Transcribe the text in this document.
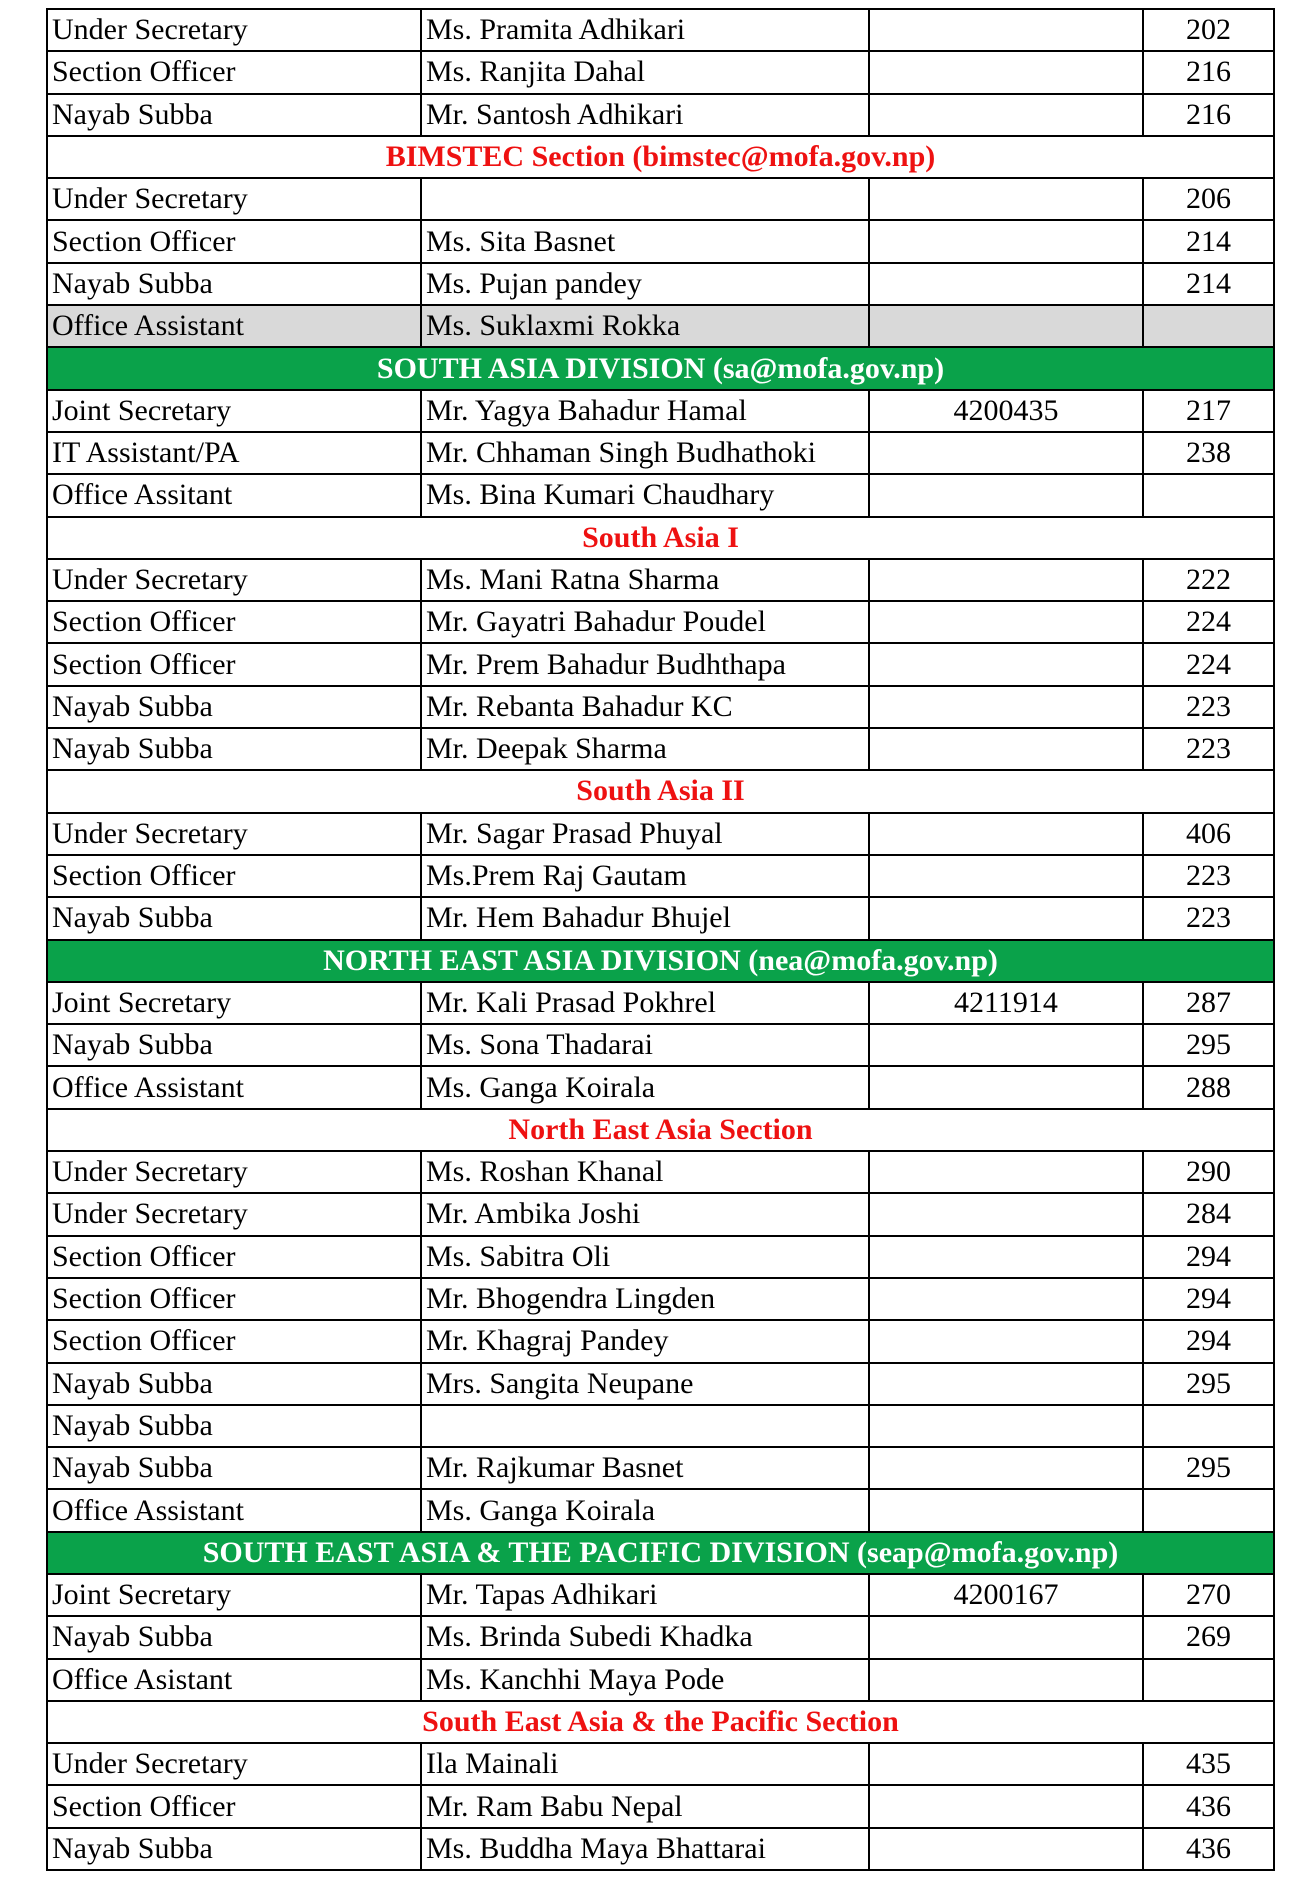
Under Secretary	Ms. Pramita Adhikari		202
Section Officer	Ms. Ranjita Dahal		216
Nayab Subba	Mr. Santosh Adhikari		216
BIMSTEC Section (bimstec@mofa.gov.np)			
Under Secretary			206
Section Officer	Ms. Sita Basnet		214
Nayab Subba	Ms. Pujan pandey		214
Office Assistant	Ms. Suklaxmi Rokka		
SOUTH ASIA DIVISION (sa@mofa.gov.np)			
Joint Secretary	Mr. Yagya Bahadur Hamal	4200435	217
IT Assistant/PA	Mr. Chhaman Singh Budhathoki		238
Office Assitant	Ms. Bina Kumari Chaudhary		
South Asia I			
Under Secretary	Ms. Mani Ratna Sharma		222
Section Officer	Mr. Gayatri Bahadur Poudel		224
Section Officer	Mr. Prem Bahadur Budhthapa		224
Nayab Subba	Mr. Rebanta Bahadur KC		223
Nayab Subba	Mr. Deepak Sharma		223
South Asia II			
Under Secretary	Mr. Sagar Prasad Phuyal		406
Section Officer	Ms.Prem Raj Gautam		223
Nayab Subba	Mr. Hem Bahadur Bhujel		223
NORTH EAST ASIA DIVISION (nea@mofa.gov.np)			
Joint Secretary	Mr. Kali Prasad Pokhrel	4211914	287
Nayab Subba	Ms. Sona Thadarai		295
Office Assistant	Ms. Ganga Koirala		288
North East Asia Section			
Under Secretary	Ms. Roshan Khanal		290
Under Secretary	Mr. Ambika Joshi		284
Section Officer	Ms. Sabitra Oli		294
Section Officer	Mr. Bhogendra Lingden		294
Section Officer	Mr. Khagraj Pandey		294
Nayab Subba	Mrs. Sangita Neupane		295
Nayab Subba			
Nayab Subba	Mr. Rajkumar Basnet		295
Office Assistant	Ms. Ganga Koirala		
SOUTH EAST ASIA & THE PACIFIC DIVISION (seap@mofa.gov.np)			
Joint Secretary	Mr. Tapas Adhikari	4200167	270
Nayab Subba	Ms. Brinda Subedi Khadka		269
Office Asistant	Ms. Kanchhi Maya Pode		
South East Asia & the Pacific Section			
Under Secretary	Ila Mainali		435
Section Officer	Mr. Ram Babu Nepal		436
Nayab Subba	Ms. Buddha Maya Bhattarai		436
